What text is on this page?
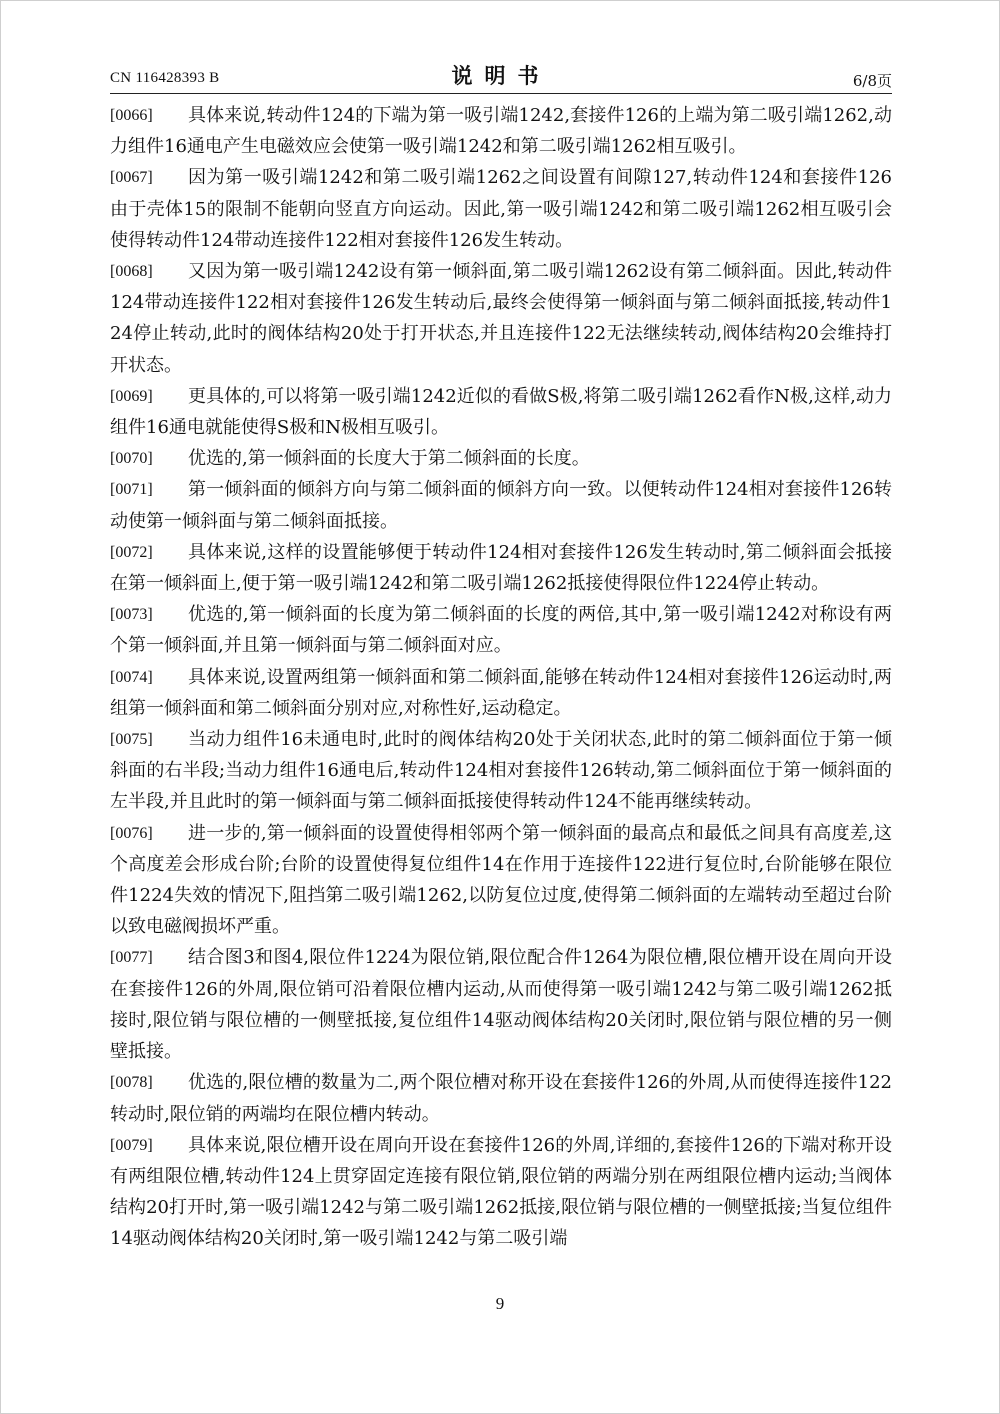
CN 116428393 B	说明书	6/8页

[0066] 具体来说,转动件124的下端为第一吸引端1242,套接件126的上端为第二吸引端1262,动力组件16通电产生电磁效应会使第一吸引端1242和第二吸引端1262相互吸引。

[0067] 因为第一吸引端1242和第二吸引端1262之间设置有间隙127,转动件124和套接件126由于壳体15的限制不能朝向竖直方向运动。因此,第一吸引端1242和第二吸引端1262相互吸引会使得转动件124带动连接件122相对套接件126发生转动。

[0068] 又因为第一吸引端1242设有第一倾斜面,第二吸引端1262设有第二倾斜面。因此,转动件124带动连接件122相对套接件126发生转动后,最终会使得第一倾斜面与第二倾斜面抵接,转动件124停止转动,此时的阀体结构20处于打开状态,并且连接件122无法继续转动,阀体结构20会维持打开状态。

[0069] 更具体的,可以将第一吸引端1242近似的看做S极,将第二吸引端1262看作N极,这样,动力组件16通电就能使得S极和N极相互吸引。

[0070] 优选的,第一倾斜面的长度大于第二倾斜面的长度。

[0071] 第一倾斜面的倾斜方向与第二倾斜面的倾斜方向一致。以便转动件124相对套接件126转动使第一倾斜面与第二倾斜面抵接。

[0072] 具体来说,这样的设置能够便于转动件124相对套接件126发生转动时,第二倾斜面会抵接在第一倾斜面上,便于第一吸引端1242和第二吸引端1262抵接使得限位件1224停止转动。

[0073] 优选的,第一倾斜面的长度为第二倾斜面的长度的两倍,其中,第一吸引端1242对称设有两个第一倾斜面,并且第一倾斜面与第二倾斜面对应。

[0074] 具体来说,设置两组第一倾斜面和第二倾斜面,能够在转动件124相对套接件126运动时,两组第一倾斜面和第二倾斜面分别对应,对称性好,运动稳定。

[0075] 当动力组件16未通电时,此时的阀体结构20处于关闭状态,此时的第二倾斜面位于第一倾斜面的右半段;当动力组件16通电后,转动件124相对套接件126转动,第二倾斜面位于第一倾斜面的左半段,并且此时的第一倾斜面与第二倾斜面抵接使得转动件124不能再继续转动。

[0076] 进一步的,第一倾斜面的设置使得相邻两个第一倾斜面的最高点和最低之间具有高度差,这个高度差会形成台阶;台阶的设置使得复位组件14在作用于连接件122进行复位时,台阶能够在限位件1224失效的情况下,阻挡第二吸引端1262,以防复位过度,使得第二倾斜面的左端转动至超过台阶以致电磁阀损坏严重。

[0077] 结合图3和图4,限位件1224为限位销,限位配合件1264为限位槽,限位槽开设在周向开设在套接件126的外周,限位销可沿着限位槽内运动,从而使得第一吸引端1242与第二吸引端1262抵接时,限位销与限位槽的一侧壁抵接,复位组件14驱动阀体结构20关闭时,限位销与限位槽的另一侧壁抵接。

[0078] 优选的,限位槽的数量为二,两个限位槽对称开设在套接件126的外周,从而使得连接件122转动时,限位销的两端均在限位槽内转动。

[0079] 具体来说,限位槽开设在周向开设在套接件126的外周,详细的,套接件126的下端对称开设有两组限位槽,转动件124上贯穿固定连接有限位销,限位销的两端分别在两组限位槽内运动;当阀体结构20打开时,第一吸引端1242与第二吸引端1262抵接,限位销与限位槽的一侧壁抵接;当复位组件14驱动阀体结构20关闭时,第一吸引端1242与第二吸引端

9
